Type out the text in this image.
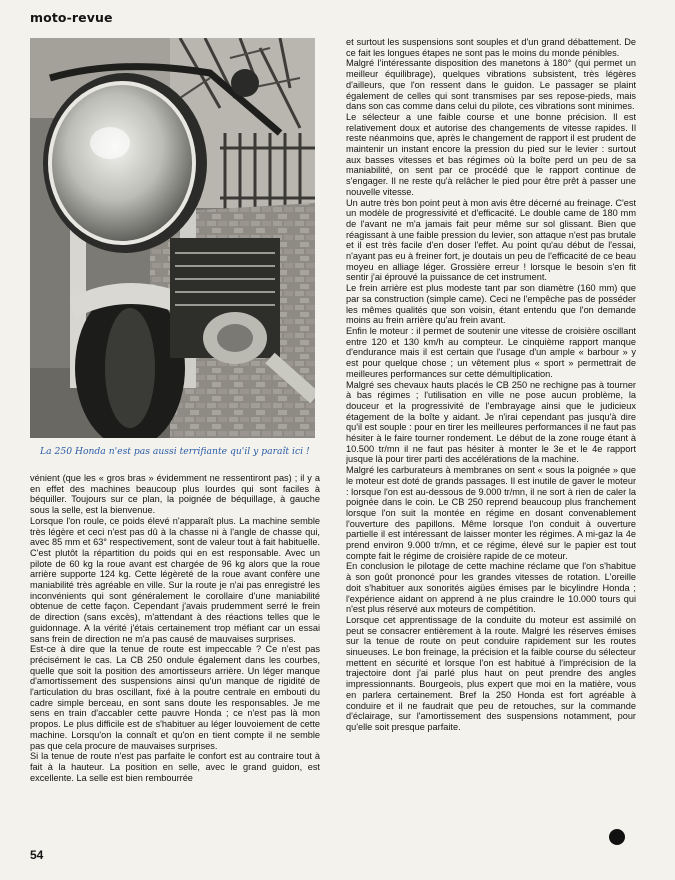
moto-revue
La 250 Honda n'est pas aussi terrifiante qu'il y paraît ici !

vénient (que les « gros bras » évidemment ne ressentiront pas) ; il y a en effet des machines beaucoup plus lourdes qui sont faciles à béquiller. Toujours sur ce plan, la poignée de béquillage, à gauche sous la selle, est la bienvenue.

Lorsque l'on roule, ce poids élevé n'apparaît plus. La machine semble très légère et ceci n'est pas dû à la chasse ni à l'angle de chasse qui, avec 85 mm et 63° respectivement, sont de valeur tout à fait habituelle. C'est plutôt la répartition du poids qui en est responsable. Avec un pilote de 60 kg la roue avant est chargée de 96 kg alors que la roue arrière supporte 124 kg. Cette légèreté de la roue avant confère une maniabilité très agréable en ville. Sur la route je n'ai pas enregistré les inconvénients qui sont généralement le corollaire d'une maniabilité obtenue de cette façon. Cependant j'avais prudemment serré le frein de direction (sans excès), m'attendant à des réactions telles que le guidonnage. A la vérité j'étais certainement trop méfiant car un essai sans frein de direction ne m'a pas causé de mauvaises surprises.

Est-ce à dire que la tenue de route est impeccable ? Ce n'est pas précisément le cas. La CB 250 ondule également dans les courbes, quelle que soit la position des amortisseurs arrière. Un léger manque d'amortissement des suspensions ainsi qu'un manque de rigidité de l'articulation du bras oscillant, fixé à la poutre centrale en embouti du cadre simple berceau, en sont sans doute les responsables. Je me sens en train d'accabler cette pauvre Honda ; ce n'est pas là mon propos. Le plus difficile est de s'habituer au léger louvoiement de cette machine. Lorsqu'on la connaît et qu'on en tient compte il ne semble pas que cela procure de mauvaises surprises.

Si la tenue de route n'est pas parfaite le confort est au contraire tout à fait à la hauteur. La position en selle, avec le grand guidon, est excellente. La selle est bien rembourrée

et surtout les suspensions sont souples et d'un grand débattement. De ce fait les longues étapes ne sont pas le moins du monde pénibles.

Malgré l'intéressante disposition des manetons à 180° (qui permet un meilleur équilibrage), quelques vibrations subsistent, très légères d'ailleurs, que l'on ressent dans le guidon. Le passager se plaint également de celles qui sont transmises par ses repose-pieds, mais dans son cas comme dans celui du pilote, ces vibrations sont minimes.

Le sélecteur a une faible course et une bonne précision. Il est relativement doux et autorise des changements de vitesse rapides. Il reste néanmoins que, après le changement de rapport il est prudent de maintenir un instant encore la pression du pied sur le levier : surtout aux basses vitesses et bas régimes où la boîte perd un peu de sa maniabilité, on sent par ce procédé que le rapport continue de s'engager. Il ne reste qu'à relâcher le pied pour être prêt à passer une nouvelle vitesse.

Un autre très bon point peut à mon avis être décerné au freinage. C'est un modèle de progressivité et d'efficacité. Le double came de 180 mm de l'avant ne m'a jamais fait peur même sur sol glissant. Bien que réagissant à une faible pression du levier, son attaque n'est pas brutale et il est très facile d'en doser l'effet. Au point qu'au début de l'essai, n'ayant pas eu à freiner fort, je doutais un peu de l'efficacité de ce beau moyeu en alliage léger. Grossière erreur ! lorsque le besoin s'en fit sentir j'ai éprouvé la puissance de cet instrument.

Le frein arrière est plus modeste tant par son diamètre (160 mm) que par sa construction (simple came). Ceci ne l'empêche pas de posséder les mêmes qualités que son voisin, étant entendu que l'on demande moins au frein arrière qu'au frein avant.

Enfin le moteur : il permet de soutenir une vitesse de croisière oscillant entre 120 et 130 km/h au compteur. Le cinquième rapport manque d'endurance mais il est certain que l'usage d'un ample « barbour » y est pour quelque chose ; un vêtement plus « sport » permettrait de meilleures performances sur cette démultiplication.

Malgré ses chevaux hauts placés le CB 250 ne rechigne pas à tourner à bas régimes ; l'utilisation en ville ne pose aucun problème, la douceur et la progressivité de l'embrayage ainsi que le judicieux étagement de la boîte y aidant. Je n'irai cependant pas jusqu'à dire qu'il est souple : pour en tirer les meilleures performances il ne faut pas hésiter à le faire tourner rondement. Le début de la zone rouge étant à 10.500 tr/mn il ne faut pas hésiter à monter le 3e et le 4e rapport jusque là pour tirer parti des accélérations de la machine.

Malgré les carburateurs à membranes on sent « sous la poignée » que le moteur est doté de grands passages. Il est inutile de gaver le moteur : lorsque l'on est au-dessous de 9.000 tr/mn, il ne sort à rien de caler la poignée dans le coin. Le CB 250 reprend beaucoup plus franchement lorsque l'on suit la montée en régime en dosant convenablement l'ouverture des papillons. Même lorsque l'on conduit à ouverture partielle il est intéressant de laisser monter les régimes. A mi-gaz la 4e prend environ 9.000 tr/mn, et ce régime, élevé sur le papier est tout compte fait le régime de croisière rapide de ce moteur.

En conclusion le pilotage de cette machine réclame que l'on s'habitue à son goût prononcé pour les grandes vitesses de rotation. L'oreille doit s'habituer aux sonorités aigües émises par le bicylindre Honda ; l'expérience aidant on apprend à ne plus craindre le 10.000 tours qui n'est plus réservé aux moteurs de compétition.

Lorsque cet apprentissage de la conduite du moteur est assimilé on peut se consacrer entièrement à la route. Malgré les réserves émises sur la tenue de route on peut conduire rapidement sur les routes sinueuses. Le bon freinage, la précision et la faible course du sélecteur mettent en sécurité et lorsque l'on est habitué à l'imprécision de la trajectoire dont j'ai parlé plus haut on peut prendre des angles impressionnants. Bourgeois, plus expert que moi en la matière, vous en parlera certainement. Bref la 250 Honda est fort agréable à conduire et il ne faudrait que peu de retouches, sur la commande d'éclairage, sur l'amortissement des suspensions notamment, pour qu'elle soit presque parfaite.

54
